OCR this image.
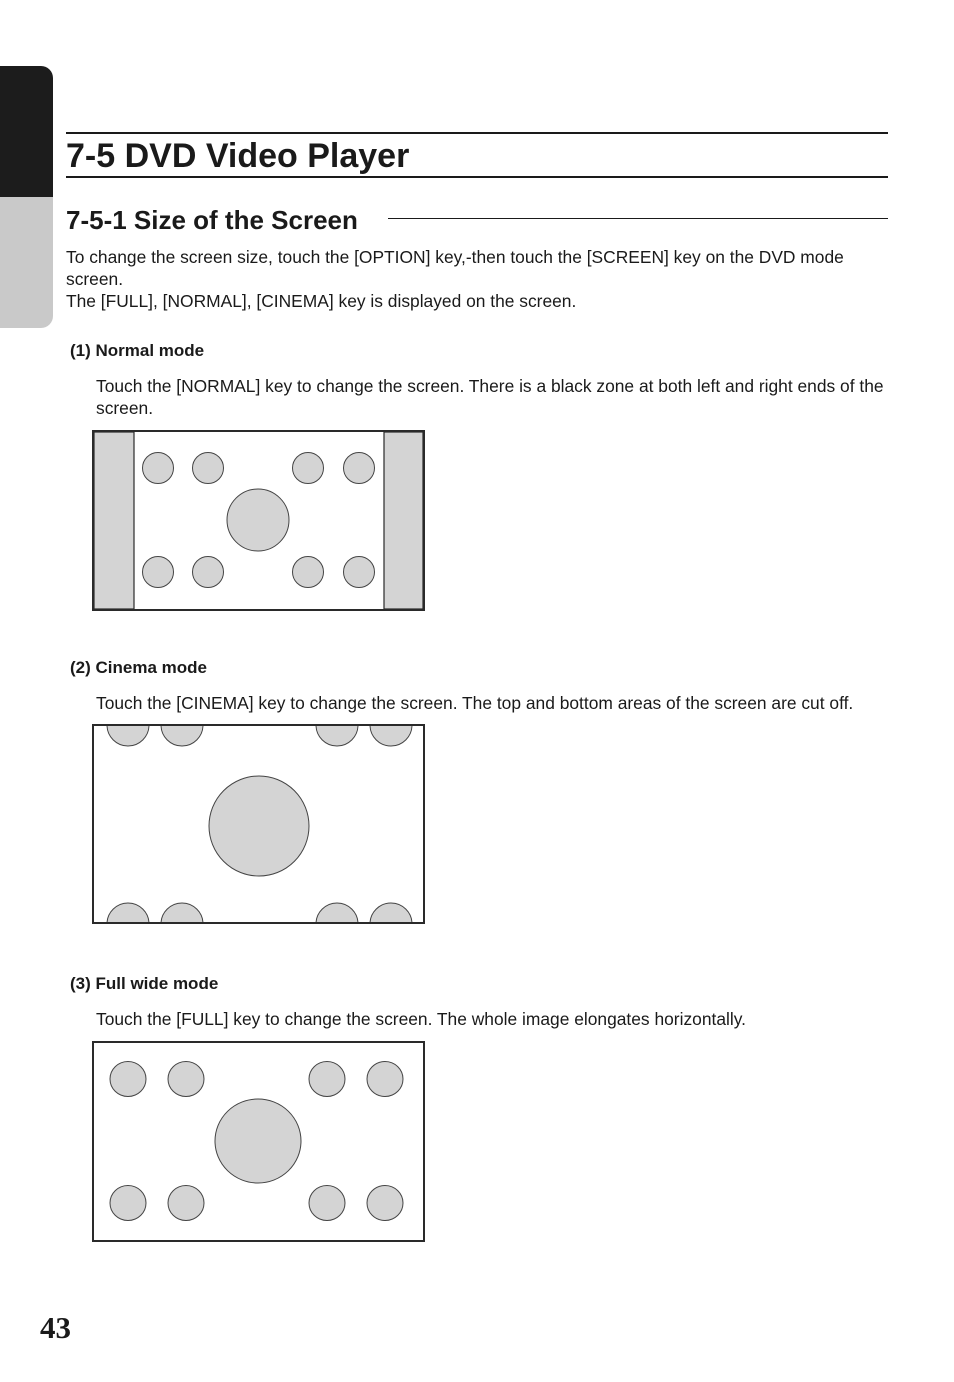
7-5 DVD Video Player
7-5-1 Size of the Screen

To change the screen size, touch the [OPTION] key,-then touch the [SCREEN] key on the DVD mode screen.

The [FULL], [NORMAL], [CINEMA] key is displayed on the screen.

(1) Normal mode

Touch the [NORMAL] key to change the screen. There is a black zone at both left and right ends of the screen.

(2) Cinema mode

Touch the [CINEMA] key to change the screen. The top and bottom areas of the screen are cut off.

(3) Full wide mode

Touch the [FULL] key to change the screen. The whole image elongates horizontally.

43
